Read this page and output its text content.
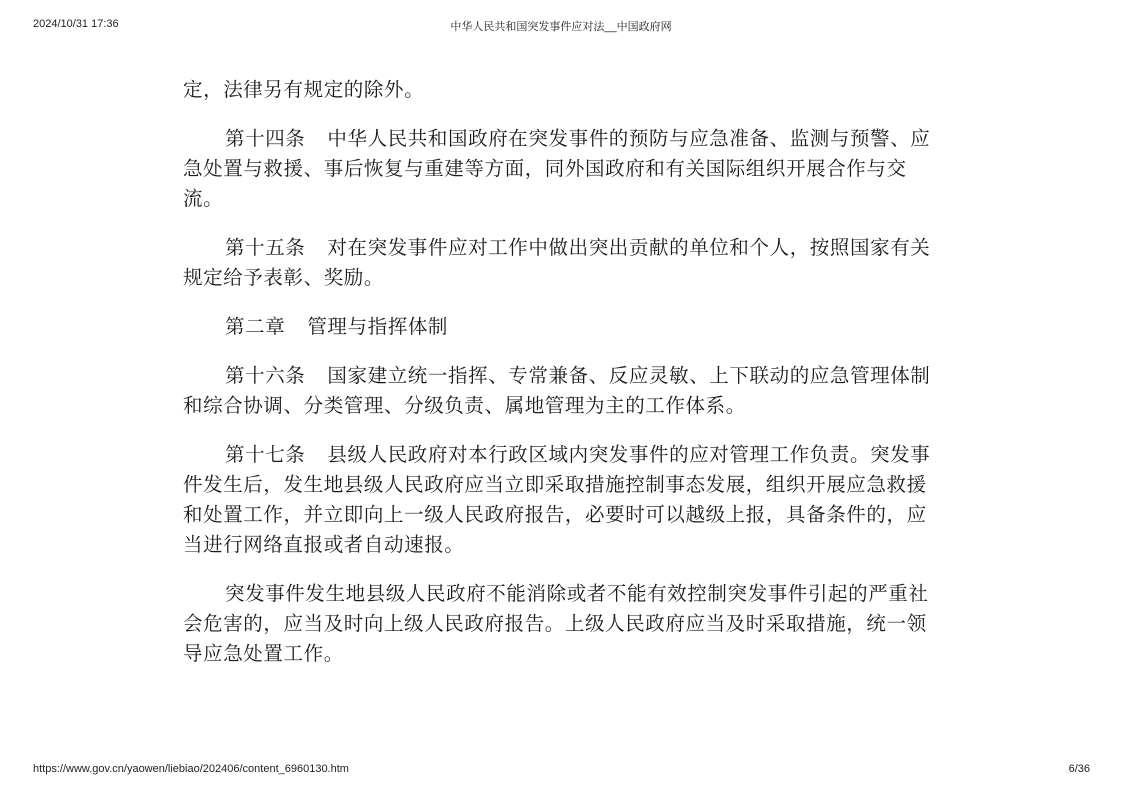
2024/10/31 17:36	中华人民共和国突发事件应对法__中国政府网

定，法律另有规定的除外。

第十四条 中华人民共和国政府在突发事件的预防与应急准备、监测与预警、应急处置与救援、事后恢复与重建等方面，同外国政府和有关国际组织开展合作与交流。

第十五条 对在突发事件应对工作中做出突出贡献的单位和个人，按照国家有关规定给予表彰、奖励。

第二章 管理与指挥体制

第十六条 国家建立统一指挥、专常兼备、反应灵敏、上下联动的应急管理体制和综合协调、分类管理、分级负责、属地管理为主的工作体系。

第十七条 县级人民政府对本行政区域内突发事件的应对管理工作负责。突发事件发生后，发生地县级人民政府应当立即采取措施控制事态发展，组织开展应急救援和处置工作，并立即向上一级人民政府报告，必要时可以越级上报，具备条件的，应当进行网络直报或者自动速报。

突发事件发生地县级人民政府不能消除或者不能有效控制突发事件引起的严重社会危害的，应当及时向上级人民政府报告。上级人民政府应当及时采取措施，统一领导应急处置工作。

https://www.gov.cn/yaowen/liebiao/202406/content_6960130.htm	6/36
